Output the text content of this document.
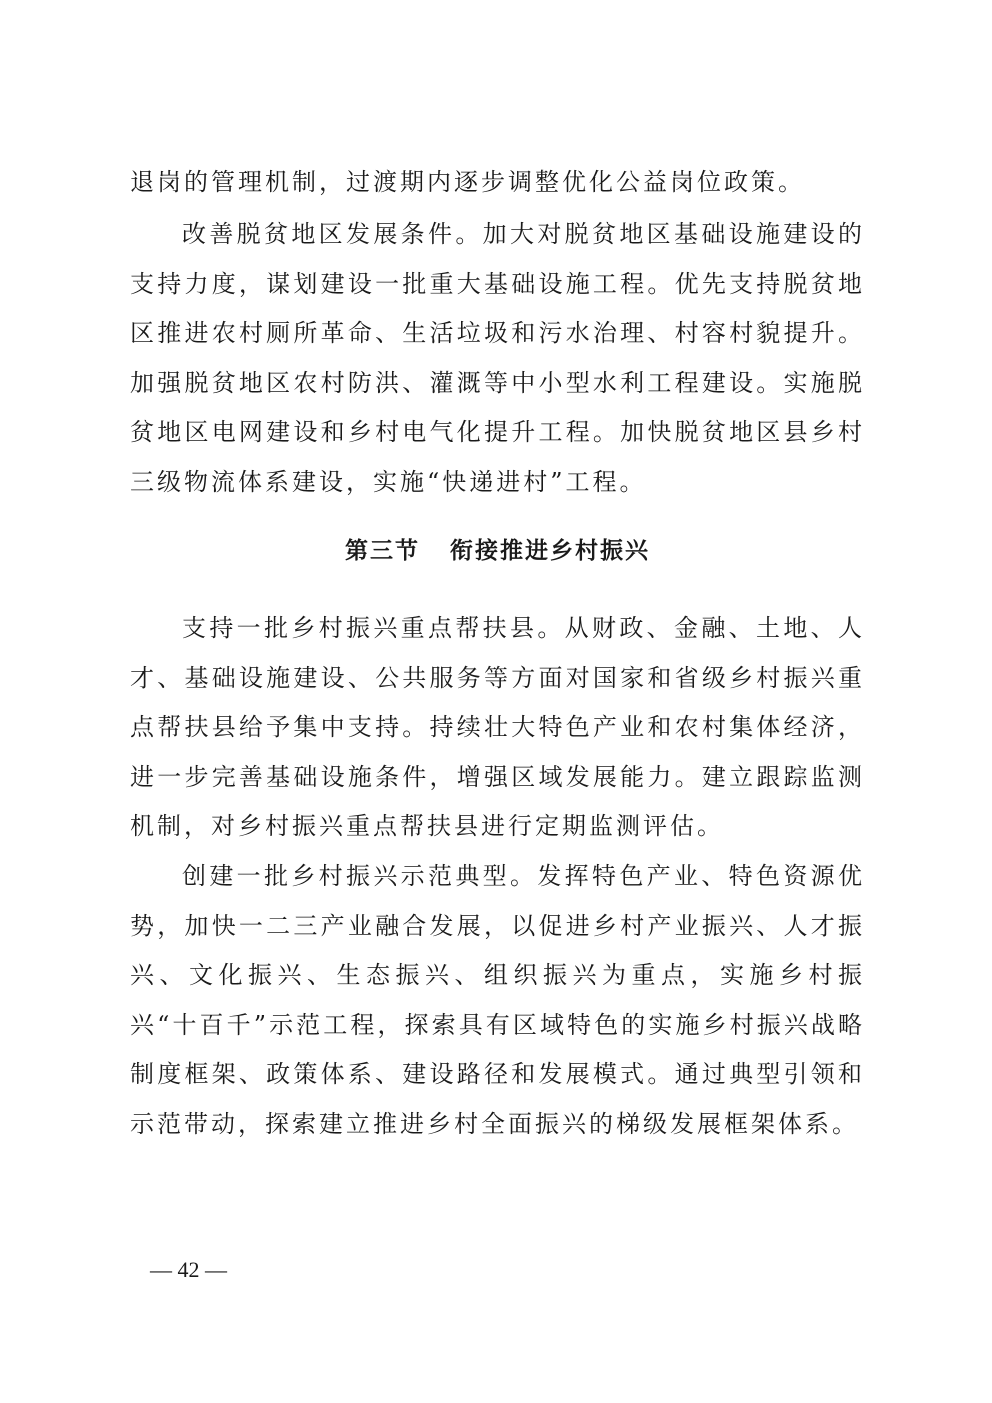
退岗的管理机制，过渡期内逐步调整优化公益岗位政策。

改善脱贫地区发展条件。加大对脱贫地区基础设施建设的支持力度，谋划建设一批重大基础设施工程。优先支持脱贫地区推进农村厕所革命、生活垃圾和污水治理、村容村貌提升。加强脱贫地区农村防洪、灌溉等中小型水利工程建设。实施脱贫地区电网建设和乡村电气化提升工程。加快脱贫地区县乡村三级物流体系建设，实施“快递进村”工程。

第三节 衔接推进乡村振兴

支持一批乡村振兴重点帮扶县。从财政、金融、土地、人才、基础设施建设、公共服务等方面对国家和省级乡村振兴重点帮扶县给予集中支持。持续壮大特色产业和农村集体经济，进一步完善基础设施条件，增强区域发展能力。建立跟踪监测机制，对乡村振兴重点帮扶县进行定期监测评估。

创建一批乡村振兴示范典型。发挥特色产业、特色资源优势，加快一二三产业融合发展，以促进乡村产业振兴、人才振兴、文化振兴、生态振兴、组织振兴为重点，实施乡村振兴“十百千”示范工程，探索具有区域特色的实施乡村振兴战略制度框架、政策体系、建设路径和发展模式。通过典型引领和示范带动，探索建立推进乡村全面振兴的梯级发展框架体系。

— 42 —
